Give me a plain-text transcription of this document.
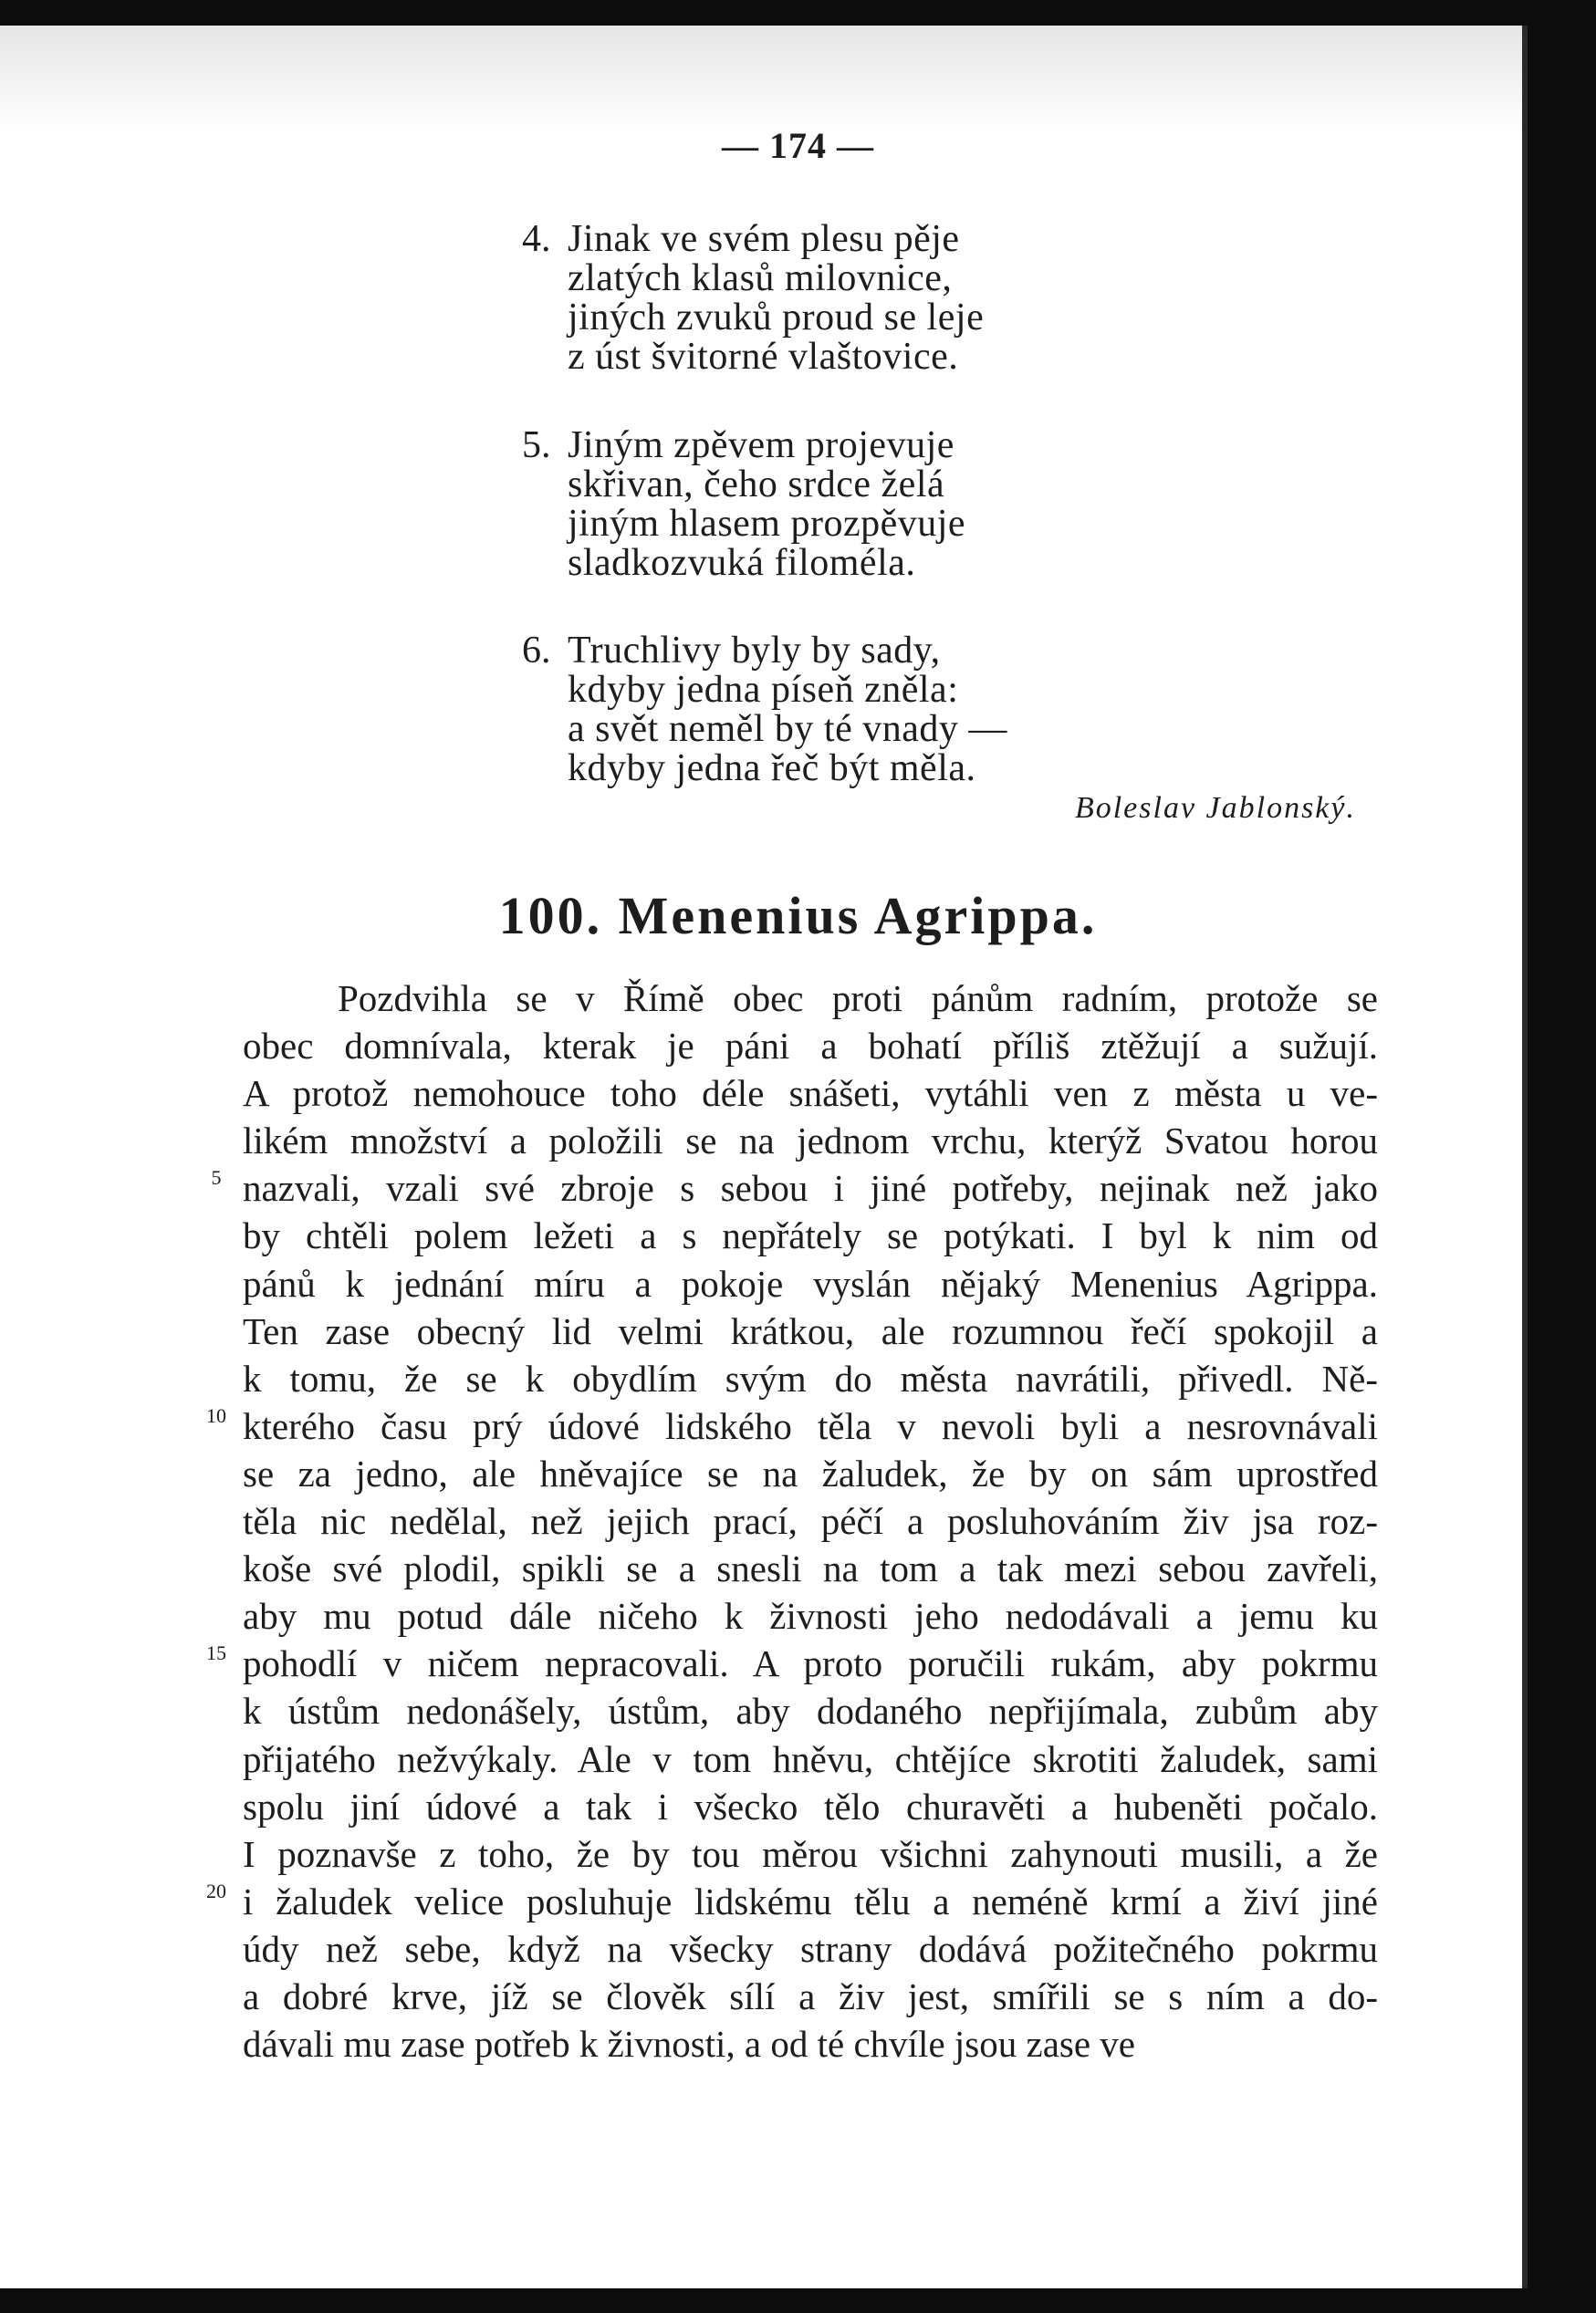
— 174 —
4. Jinak ve svém plesu pěje
zlatých klasů milovnice,
jiných zvuků proud se leje
z úst švitorné vlaštovice.
5. Jiným zpěvem projevuje
skřivan, čeho srdce želá
jiným hlasem prozpěvuje
sladkozvuká filoméla.
6. Truchlivy byly by sady,
kdyby jedna píseň zněla:
a svět neměl by té vnady —
kdyby jedna řeč být měla.
Boleslav Jablonský.
100. Menenius Agrippa.
Pozdvihla se v Římě obec proti pánům radním, protože se
obec domnívala, kterak je páni a bohatí příliš ztěžují a sužují.
A protož nemohouce toho déle snášeti, vytáhli ven z města u ve-
likém množství a položili se na jednom vrchu, kterýž Svatou horou
nazvali, vzali své zbroje s sebou i jiné potřeby, nejinak než jako
by chtěli polem ležeti a s nepřátely se potýkati. I byl k nim od
pánů k jednání míru a pokoje vyslán nějaký Menenius Agrippa.
Ten zase obecný lid velmi krátkou, ale rozumnou řečí spokojil a
k tomu, že se k obydlím svým do města navrátili, přivedl. Ně-
kterého času prý údové lidského těla v nevoli byli a nesrovnávali
se za jedno, ale hněvajíce se na žaludek, že by on sám uprostřed
těla nic nedělal, než jejich prací, péčí a posluhováním živ jsa roz-
koše své plodil, spikli se a snesli na tom a tak mezi sebou zavřeli,
aby mu potud dále ničeho k živnosti jeho nedodávali a jemu ku
pohodlí v ničem nepracovali. A proto poručili rukám, aby pokrmu
k ústům nedonášely, ústům, aby dodaného nepřijímala, zubům aby
přijatého nežvýkaly. Ale v tom hněvu, chtějíce skrotiti žaludek, sami
spolu jiní údové a tak i všecko tělo churavěti a hubeněti počalo.
I poznavše z toho, že by tou měrou všichni zahynouti musili, a že
i žaludek velice posluhuje lidskému tělu a neméně krmí a živí jiné
údy než sebe, když na všecky strany dodává požitečného pokrmu
a dobré krve, jíž se člověk sílí a živ jest, smířili se s ním a do-
dávali mu zase potřeb k živnosti, a od té chvíle jsou zase ve
5
10
15
20
